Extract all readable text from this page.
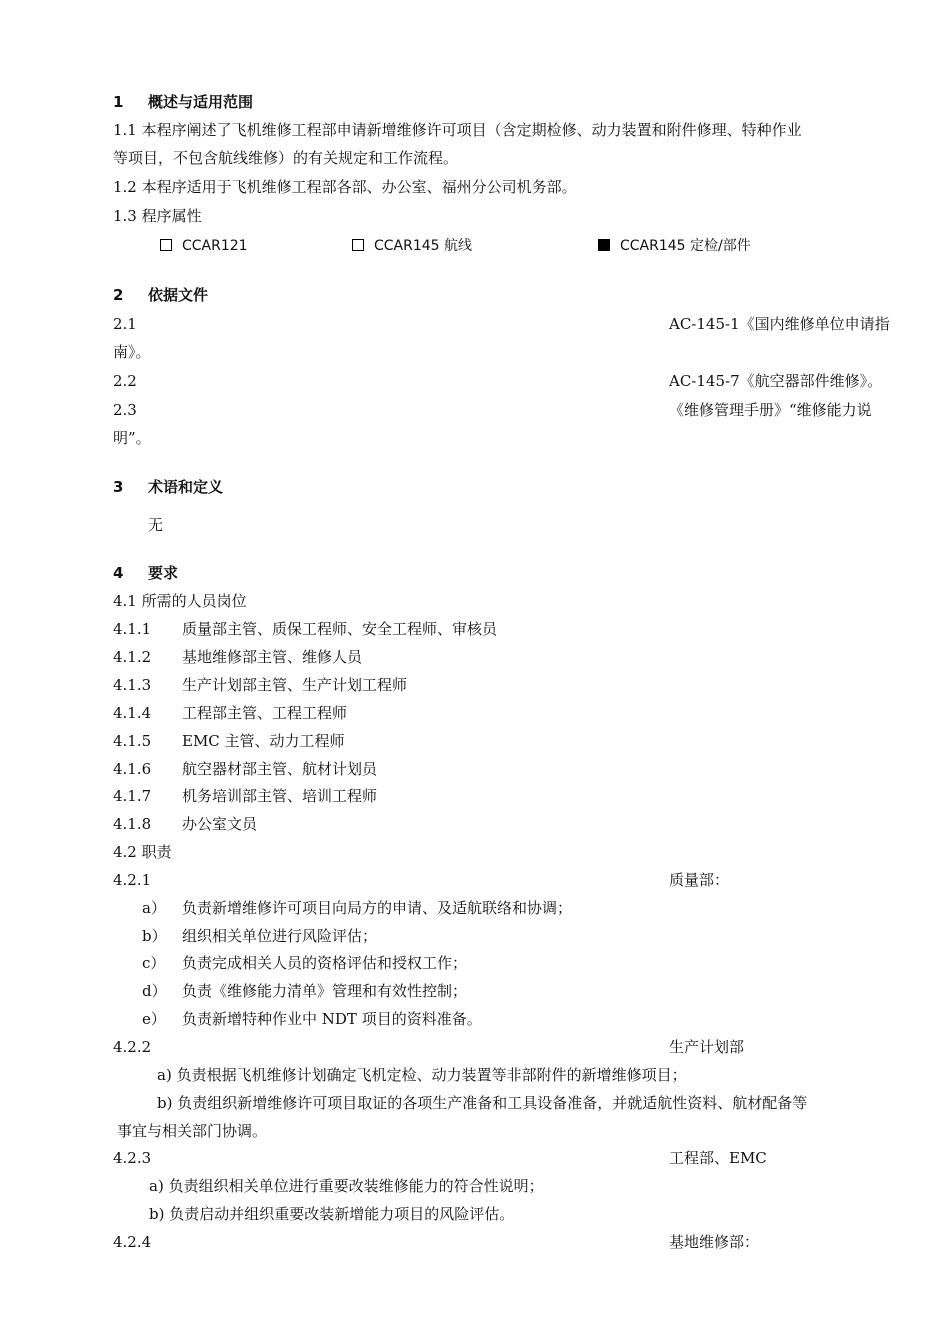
1 概述与适用范围
1.1 本程序阐述了飞机维修工程部申请新增维修许可项目（含定期检修、动力装置和附件修理、特种作业
等项目，不包含航线维修）的有关规定和工作流程。
1.2 本程序适用于飞机维修工程部各部、办公室、福州分公司机务部。
1.3 程序属性
CCAR121	CCAR145 航线	CCAR145 定检/部件
2 依据文件
2.1	AC-145-1《国内维修单位申请指
南》。
2.2	AC-145-7《航空器部件维修》。
2.3	《维修管理手册》“维修能力说
明”。
3 术语和定义
无
4 要求
4.1 所需的人员岗位
4.1.1 质量部主管、质保工程师、安全工程师、审核员
4.1.2 基地维修部主管、维修人员
4.1.3 生产计划部主管、生产计划工程师
4.1.4 工程部主管、工程工程师
4.1.5 EMC 主管、动力工程师
4.1.6 航空器材部主管、航材计划员
4.1.7 机务培训部主管、培训工程师
4.1.8 办公室文员
4.2 职责
4.2.1	质量部：
a） 负责新增维修许可项目向局方的申请、及适航联络和协调；
b） 组织相关单位进行风险评估；
c） 负责完成相关人员的资格评估和授权工作；
d） 负责《维修能力清单》管理和有效性控制；
e） 负责新增特种作业中 NDT 项目的资料准备。
4.2.2	生产计划部
a) 负责根据飞机维修计划确定飞机定检、动力装置等非部附件的新增维修项目；
b) 负责组织新增维修许可项目取证的各项生产准备和工具设备准备，并就适航性资料、航材配备等
事宜与相关部门协调。
4.2.3	工程部、EMC
a) 负责组织相关单位进行重要改装维修能力的符合性说明；
b) 负责启动并组织重要改装新增能力项目的风险评估。
4.2.4	基地维修部：
